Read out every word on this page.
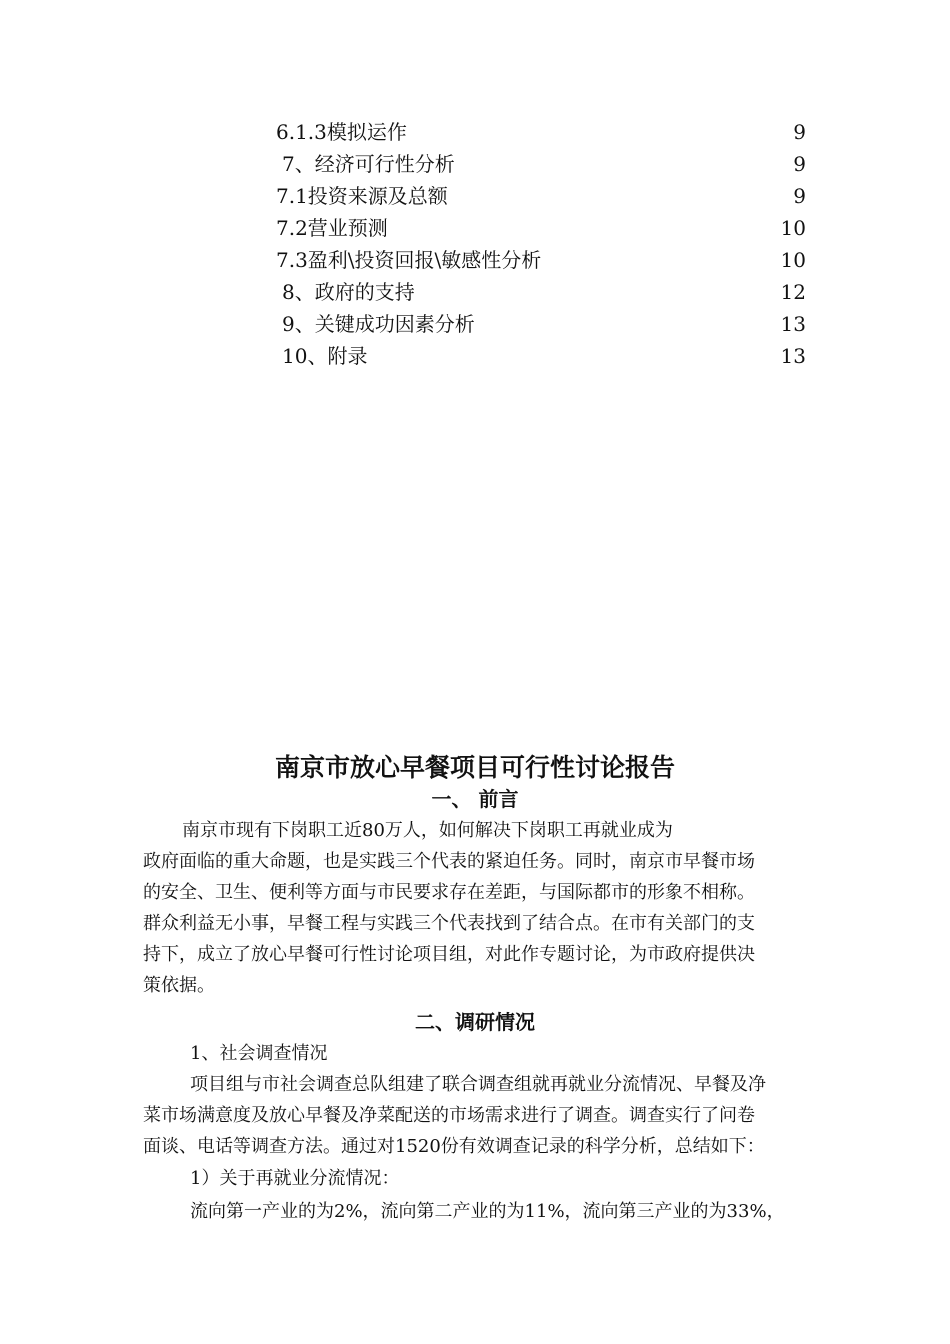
6.1.3模拟运作	9
7、经济可行性分析	9
7.1投资来源及总额	9
7.2营业预测	10
7.3盈利\投资回报\敏感性分析	10
8、政府的支持	12
9、关键成功因素分析	13
10、附录	13
南京市放心早餐项目可行性讨论报告
一、 前言
南京市现有下岗职工近80万人，如何解决下岗职工再就业成为
政府面临的重大命题，也是实践三个代表的紧迫任务。同时，南京市早餐市场
的安全、卫生、便利等方面与市民要求存在差距，与国际都市的形象不相称。
群众利益无小事，早餐工程与实践三个代表找到了结合点。在市有关部门的支
持下，成立了放心早餐可行性讨论项目组，对此作专题讨论，为市政府提供决
策依据。
二、调研情况
1、社会调查情况
项目组与市社会调查总队组建了联合调查组就再就业分流情况、早餐及净
菜市场满意度及放心早餐及净菜配送的市场需求进行了调查。调查实行了问卷
面谈、电话等调查方法。通过对1520份有效调查记录的科学分析，总结如下：
1）关于再就业分流情况：
流向第一产业的为2%，流向第二产业的为11%，流向第三产业的为33%，
